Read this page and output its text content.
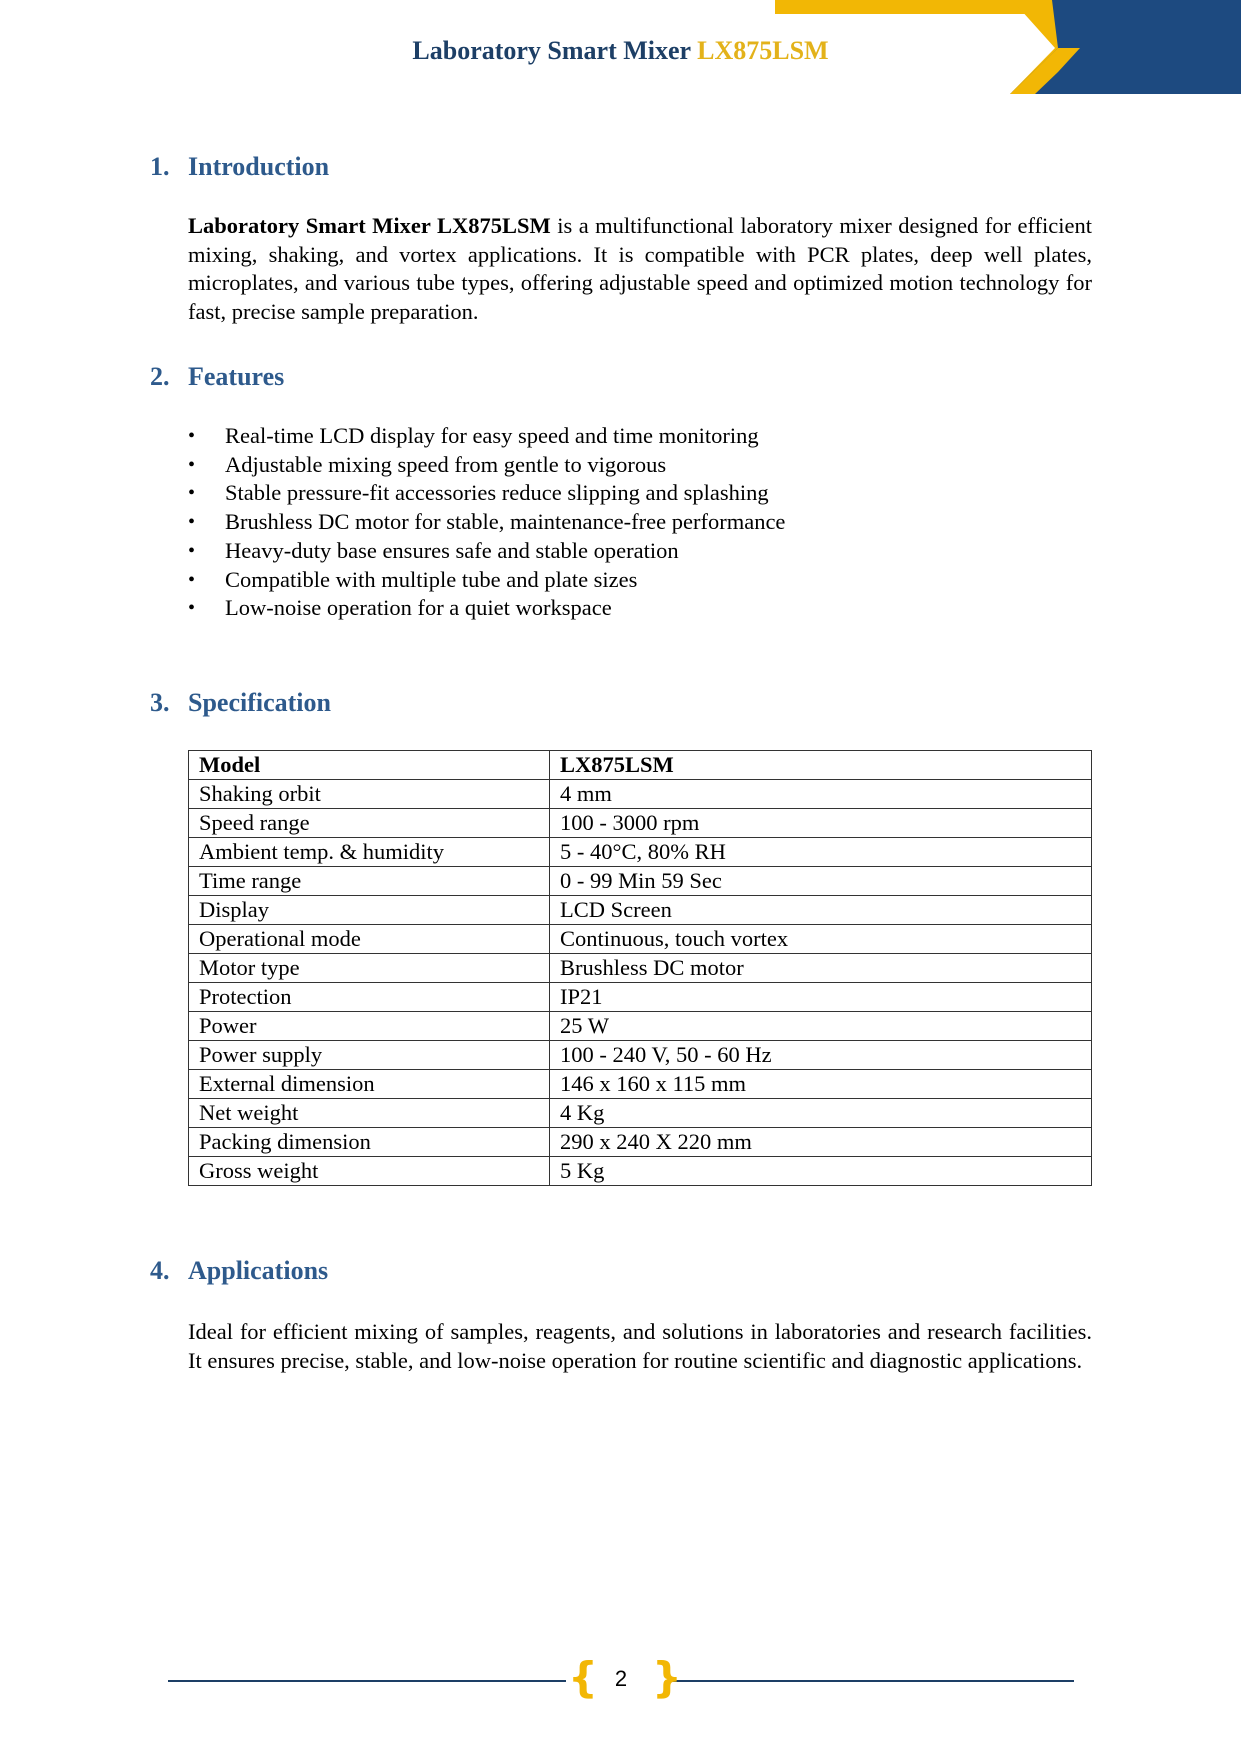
Laboratory Smart Mixer LX875LSM
1. Introduction
Laboratory Smart Mixer LX875LSM is a multifunctional laboratory mixer designed for efficient mixing, shaking, and vortex applications. It is compatible with PCR plates, deep well plates, microplates, and various tube types, offering adjustable speed and optimized motion technology for fast, precise sample preparation.
2. Features
• Real-time LCD display for easy speed and time monitoring
• Adjustable mixing speed from gentle to vigorous
• Stable pressure-fit accessories reduce slipping and splashing
• Brushless DC motor for stable, maintenance-free performance
• Heavy-duty base ensures safe and stable operation
• Compatible with multiple tube and plate sizes
• Low-noise operation for a quiet workspace
3. Specification
Model	LX875LSM
Shaking orbit	4 mm
Speed range	100 - 3000 rpm
Ambient temp. & humidity	5 - 40°C, 80% RH
Time range	0 - 99 Min 59 Sec
Display	LCD Screen
Operational mode	Continuous, touch vortex
Motor type	Brushless DC motor
Protection	IP21
Power	25 W
Power supply	100 - 240 V, 50 - 60 Hz
External dimension	146 x 160 x 115 mm
Net weight	4 Kg
Packing dimension	290 x 240 X 220 mm
Gross weight	5 Kg
4. Applications
Ideal for efficient mixing of samples, reagents, and solutions in laboratories and research facilities. It ensures precise, stable, and low-noise operation for routine scientific and diagnostic applications.
{ }
2
